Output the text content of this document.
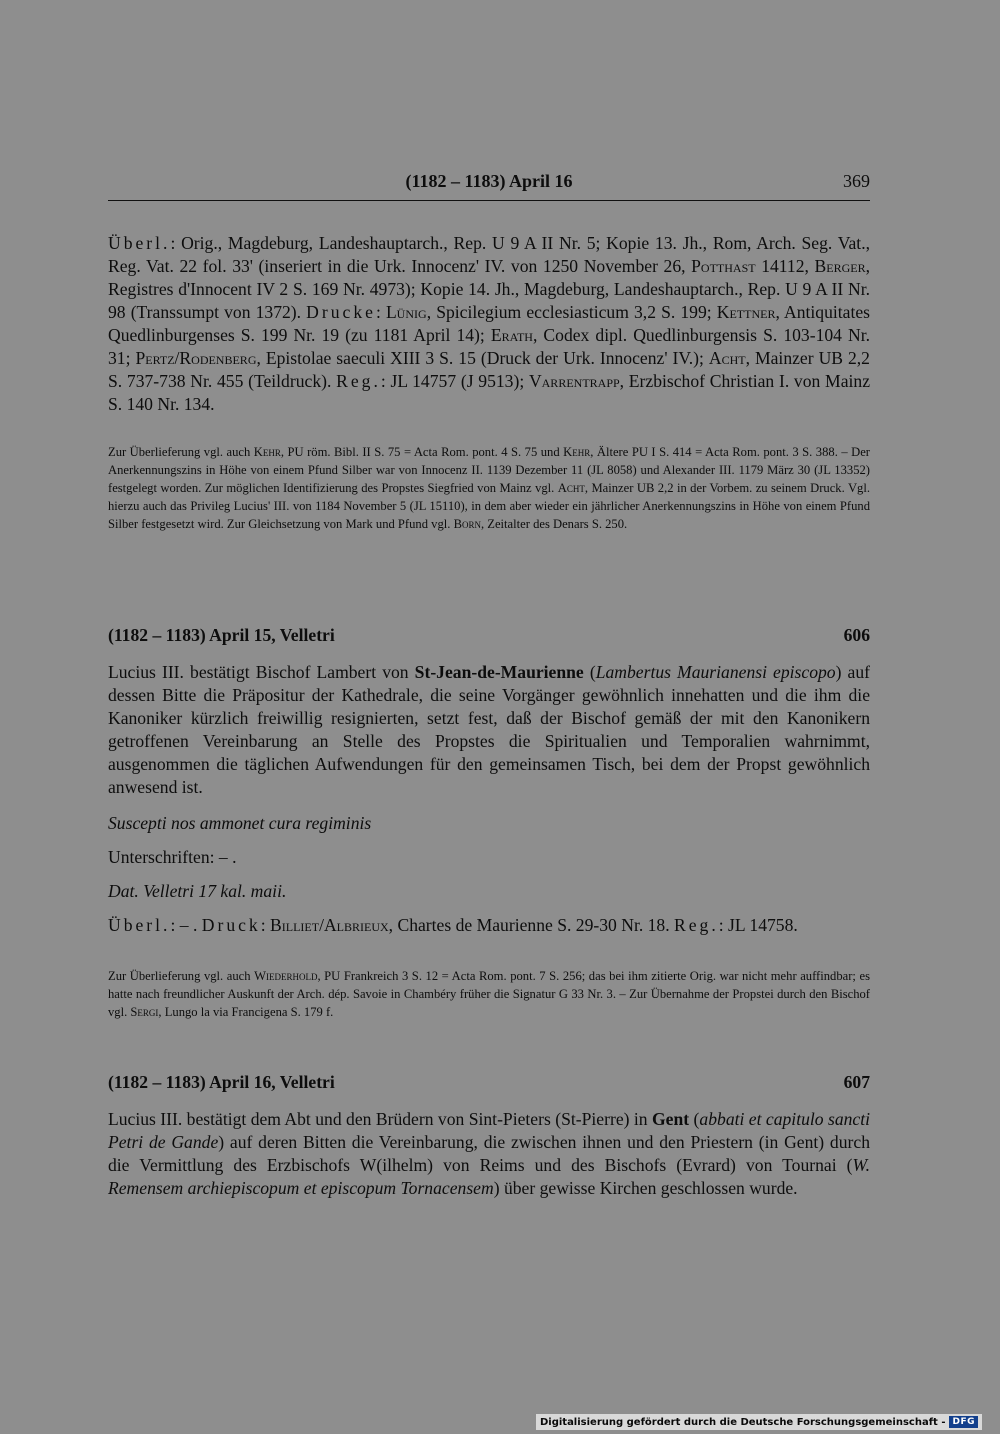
(1182 – 1183) April 16	369

Überl.: Orig., Magdeburg, Landeshauptarch., Rep. U 9 A II Nr. 5; Kopie 13. Jh., Rom, Arch. Seg. Vat., Reg. Vat. 22 fol. 33' (inseriert in die Urk. Innocenz' IV. von 1250 November 26, Potthast 14112, Berger, Registres d'Innocent IV 2 S. 169 Nr. 4973); Kopie 14. Jh., Magdeburg, Landeshauptarch., Rep. U 9 A II Nr. 98 (Transsumpt von 1372). Drucke: Lünig, Spicilegium ecclesiasticum 3,2 S. 199; Kettner, Antiquitates Quedlinburgenses S. 199 Nr. 19 (zu 1181 April 14); Erath, Codex dipl. Quedlinburgensis S. 103-104 Nr. 31; Pertz/Rodenberg, Epistolae saeculi XIII 3 S. 15 (Druck der Urk. Innocenz' IV.); Acht, Mainzer UB 2,2 S. 737-738 Nr. 455 (Teildruck). Reg.: JL 14757 (J 9513); Varrentrapp, Erzbischof Christian I. von Mainz S. 140 Nr. 134.

Zur Überlieferung vgl. auch Kehr, PU röm. Bibl. II S. 75 = Acta Rom. pont. 4 S. 75 und Kehr, Ältere PU I S. 414 = Acta Rom. pont. 3 S. 388. – Der Anerkennungszins in Höhe von einem Pfund Silber war von Innocenz II. 1139 Dezember 11 (JL 8058) und Alexander III. 1179 März 30 (JL 13352) festgelegt worden. Zur möglichen Identifizierung des Propstes Siegfried von Mainz vgl. Acht, Mainzer UB 2,2 in der Vorbem. zu seinem Druck. Vgl. hierzu auch das Privileg Lucius' III. von 1184 November 5 (JL 15110), in dem aber wieder ein jährlicher Anerkennungszins in Höhe von einem Pfund Silber festgesetzt wird. Zur Gleichsetzung von Mark und Pfund vgl. Born, Zeitalter des Denars S. 250.

(1182 – 1183) April 15, Velletri	606

Lucius III. bestätigt Bischof Lambert von St-Jean-de-Maurienne (Lambertus Maurianensi episcopo) auf dessen Bitte die Präpositur der Kathedrale, die seine Vorgänger gewöhnlich innehatten und die ihm die Kanoniker kürzlich freiwillig resignierten, setzt fest, daß der Bischof gemäß der mit den Kanonikern getroffenen Vereinbarung an Stelle des Propstes die Spiritualien und Temporalien wahrnimmt, ausgenommen die täglichen Aufwendungen für den gemeinsamen Tisch, bei dem der Propst gewöhnlich anwesend ist.

Suscepti nos ammonet cura regiminis

Unterschriften: – .

Dat. Velletri 17 kal. maii.

Überl.: – . Druck: Billiet/Albrieux, Chartes de Maurienne S. 29-30 Nr. 18. Reg.: JL 14758.

Zur Überlieferung vgl. auch Wiederhold, PU Frankreich 3 S. 12 = Acta Rom. pont. 7 S. 256; das bei ihm zitierte Orig. war nicht mehr auffindbar; es hatte nach freundlicher Auskunft der Arch. dép. Savoie in Chambéry früher die Signatur G 33 Nr. 3. – Zur Übernahme der Propstei durch den Bischof vgl. Sergi, Lungo la via Francigena S. 179 f.

(1182 – 1183) April 16, Velletri	607

Lucius III. bestätigt dem Abt und den Brüdern von Sint-Pieters (St-Pierre) in Gent (abbati et capitulo sancti Petri de Gande) auf deren Bitten die Vereinbarung, die zwischen ihnen und den Priestern (in Gent) durch die Vermittlung des Erzbischofs W(ilhelm) von Reims und des Bischofs (Evrard) von Tournai (W. Remensem archiepiscopum et episcopum Tornacensem) über gewisse Kirchen geschlossen wurde.

Digitalisierung gefördert durch die Deutsche Forschungsgemeinschaft - DFG
